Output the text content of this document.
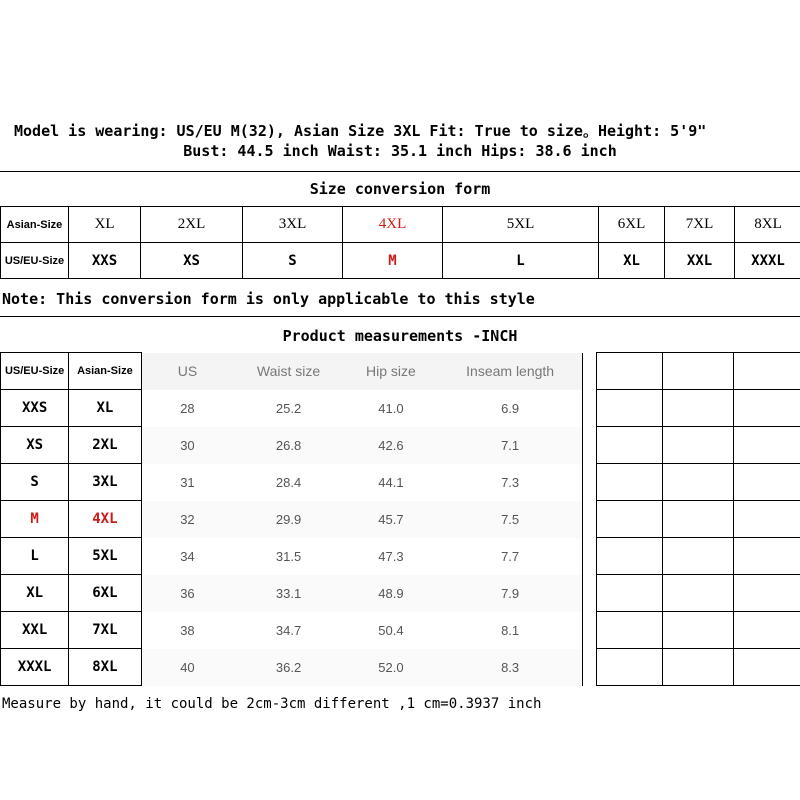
Model is wearing: US/EU M(32), Asian Size 3XL Fit: True to size。Height: 5'9"
Bust: 44.5 inch Waist: 35.1 inch Hips: 38.6 inch
Size conversion form
Asian-Size	XL	2XL	3XL	4XL	5XL	6XL	7XL	8XL
US/EU-Size	XXS	XS	S	M	L	XL	XXL	XXXL
Note: This conversion form is only applicable to this style
Product measurements -INCH
US/EU-Size	Asian-Size	US	Waist size	Hip size	Inseam length				
XXS	XL	28	25.2	41.0	6.9				
XS	2XL	30	26.8	42.6	7.1				
S	3XL	31	28.4	44.1	7.3				
M	4XL	32	29.9	45.7	7.5				
L	5XL	34	31.5	47.3	7.7				
XL	6XL	36	33.1	48.9	7.9				
XXL	7XL	38	34.7	50.4	8.1				
XXXL	8XL	40	36.2	52.0	8.3				
Measure by hand, it could be 2cm-3cm different ,1 cm=0.3937 inch
